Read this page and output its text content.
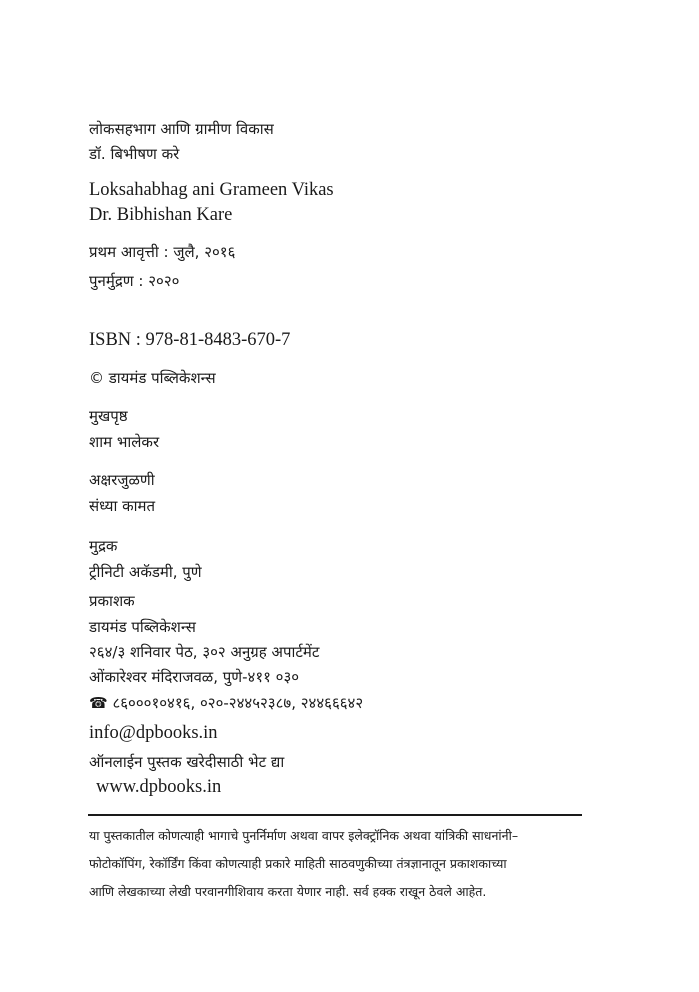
लोकसहभाग आणि ग्रामीण विकास
डॉ. बिभीषण करे
Loksahabhag ani Grameen Vikas
Dr. Bibhishan Kare
प्रथम आवृत्ती : जुलै, २०१६
पुनर्मुद्रण : २०२०
ISBN : 978-81-8483-670-7
© डायमंड पब्लिकेशन्स
मुखपृष्ठ
शाम भालेकर
अक्षरजुळणी
संध्या कामत
मुद्रक
ट्रीनिटी अकॅडमी, पुणे
प्रकाशक
डायमंड पब्लिकेशन्स
२६४/३ शनिवार पेठ, ३०२ अनुग्रह अपार्टमेंट
ओंकारेश्वर मंदिराजवळ, पुणे-४११ ०३०
☎ ८६०००१०४१६, ०२०-२४४५२३८७, २४४६६६४२
info@dpbooks.in
ऑनलाईन पुस्तक खरेदीसाठी भेट द्या
www.dpbooks.in
या पुस्तकातील कोणत्याही भागाचे पुनर्निर्माण अथवा वापर इलेक्ट्रॉनिक अथवा यांत्रिकी साधनांनी–
फोटोकॉपिंग, रेकॉर्डिंग किंवा कोणत्याही प्रकारे माहिती साठवणुकीच्या तंत्रज्ञानातून प्रकाशकाच्या
आणि लेखकाच्या लेखी परवानगीशिवाय करता येणार नाही. सर्व हक्क राखून ठेवले आहेत.
